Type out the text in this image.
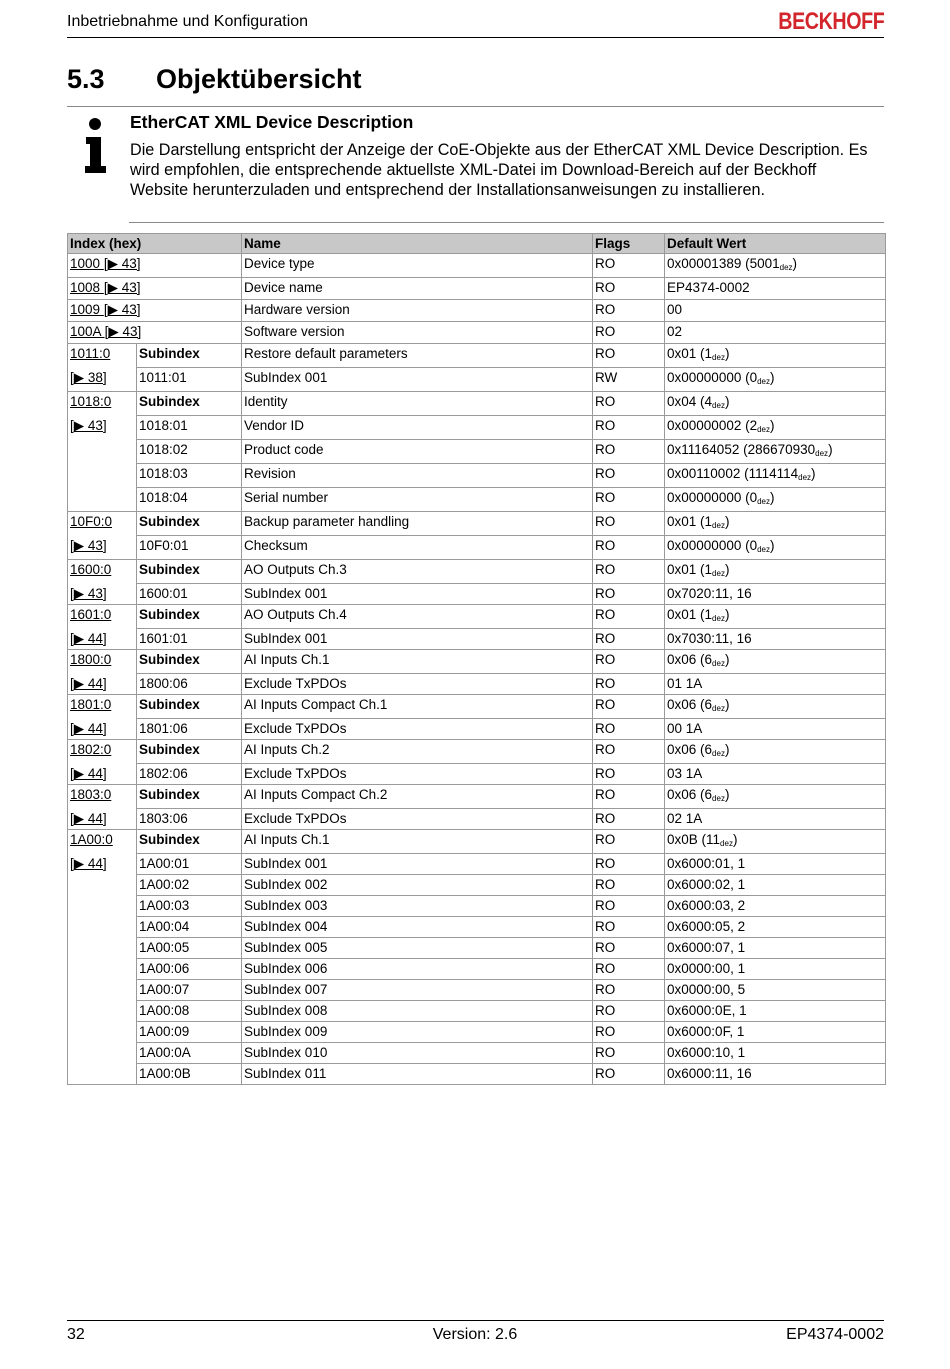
Inbetriebnahme und Konfiguration	BECKHOFF
5.3 Objektübersicht
EtherCAT XML Device Description
Die Darstellung entspricht der Anzeige der CoE-Objekte aus der EtherCAT XML Device Description. Es wird empfohlen, die entsprechende aktuellste XML-Datei im Download-Bereich auf der Beckhoff Website herunterzuladen und entsprechend der Installationsanweisungen zu installieren.
Index (hex)		Name	Flags	Default Wert
1000 [▶ 43]		Device type	RO	0x00001389 $(5001_{dez})$
1008 [▶ 43]		Device name	RO	EP4374-0002
1009 [▶ 43]		Hardware version	RO	00
100A [▶ 43]		Software version	RO	02
1011:0	Subindex	Restore default parameters	RO	0x01 $(1_{dez})$
[▶ 38]	1011:01	SubIndex 001	RW	0x00000000 $(0_{dez})$
1018:0	Subindex	Identity	RO	0x04 $(4_{dez})$
[▶ 43]	1018:01	Vendor ID	RO	0x00000002 $(2_{dez})$
	1018:02	Product code	RO	0x11164052 $(286670930_{dez})$
	1018:03	Revision	RO	0x00110002 $(1114114_{dez})$
	1018:04	Serial number	RO	0x00000000 $(0_{dez})$
10F0:0	Subindex	Backup parameter handling	RO	0x01 $(1_{dez})$
[▶ 43]	10F0:01	Checksum	RO	0x00000000 $(0_{dez})$
1600:0	Subindex	AO Outputs Ch.3	RO	0x01 $(1_{dez})$
[▶ 43]	1600:01	SubIndex 001	RO	0x7020:11, 16
1601:0	Subindex	AO Outputs Ch.4	RO	0x01 $(1_{dez})$
[▶ 44]	1601:01	SubIndex 001	RO	0x7030:11, 16
1800:0	Subindex	AI Inputs Ch.1	RO	0x06 $(6_{dez})$
[▶ 44]	1800:06	Exclude TxPDOs	RO	01 1A
1801:0	Subindex	AI Inputs Compact Ch.1	RO	0x06 $(6_{dez})$
[▶ 44]	1801:06	Exclude TxPDOs	RO	00 1A
1802:0	Subindex	AI Inputs Ch.2	RO	0x06 $(6_{dez})$
[▶ 44]	1802:06	Exclude TxPDOs	RO	03 1A
1803:0	Subindex	AI Inputs Compact Ch.2	RO	0x06 $(6_{dez})$
[▶ 44]	1803:06	Exclude TxPDOs	RO	02 1A
1A00:0	Subindex	AI Inputs Ch.1	RO	0x0B $(11_{dez})$
[▶ 44]	1A00:01	SubIndex 001	RO	0x6000:01, 1
	1A00:02	SubIndex 002	RO	0x6000:02, 1
	1A00:03	SubIndex 003	RO	0x6000:03, 2
	1A00:04	SubIndex 004	RO	0x6000:05, 2
	1A00:05	SubIndex 005	RO	0x6000:07, 1
	1A00:06	SubIndex 006	RO	0x0000:00, 1
	1A00:07	SubIndex 007	RO	0x0000:00, 5
	1A00:08	SubIndex 008	RO	0x6000:0E, 1
	1A00:09	SubIndex 009	RO	0x6000:0F, 1
	1A00:0A	SubIndex 010	RO	0x6000:10, 1
	1A00:0B	SubIndex 011	RO	0x6000:11, 16
32	Version: 2.6	EP4374-0002
